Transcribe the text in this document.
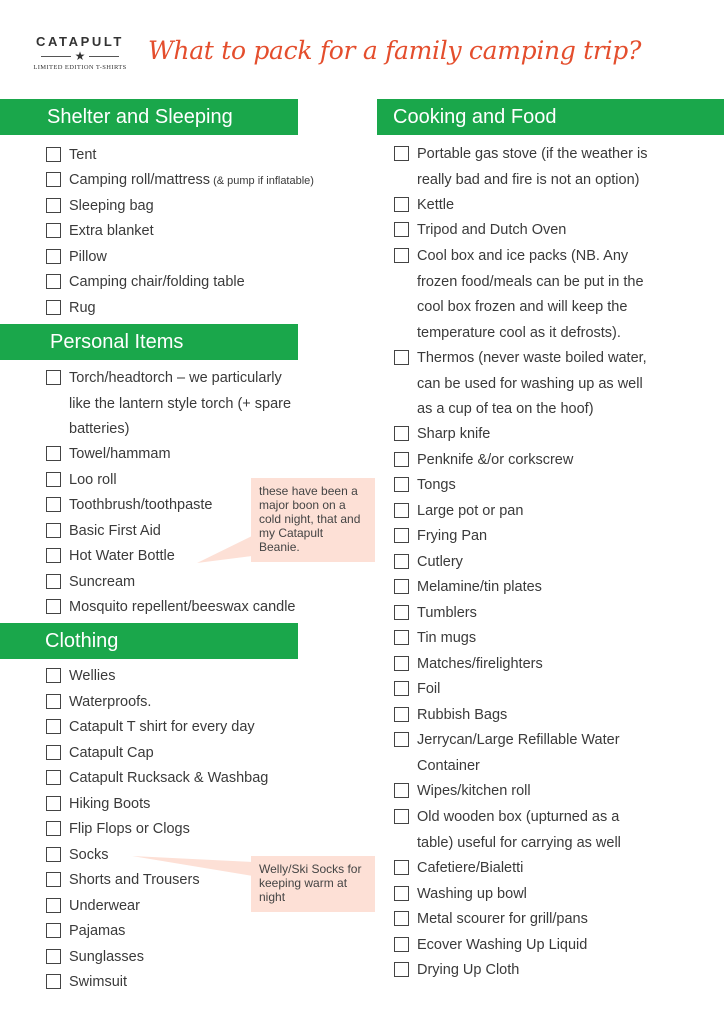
CATAPULT
★
LIMITED EDITION T-SHIRTS
What to pack for a family camping trip?
Shelter and Sleeping
Personal Items
Clothing
Cooking and Food
Tent
Camping roll/mattress (& pump if inflatable)
Sleeping bag
Extra blanket
Pillow
Camping chair/folding table
Rug
Torch/headtorch – we particularly
like the lantern style torch (+ spare
batteries)
Towel/hammam
Loo roll
Toothbrush/toothpaste
Basic First Aid
Hot Water Bottle
Suncream
Mosquito repellent/beeswax candle
these have been a major boon on a cold night, that and my Catapult Beanie.
Wellies
Waterproofs.
Catapult T shirt for every day
Catapult Cap
Catapult Rucksack & Washbag
Hiking Boots
Flip Flops or Clogs
Socks
Shorts and Trousers
Underwear
Pajamas
Sunglasses
Swimsuit
Welly/Ski Socks for keeping warm at night
Portable gas stove (if the weather is
really bad and fire is not an option)
Kettle
Tripod and Dutch Oven
Cool box and ice packs (NB. Any
frozen food/meals can be put in the
cool box frozen and will keep the
temperature cool as it defrosts).
Thermos (never waste boiled water,
can be used for washing up as well
as a cup of tea on the hoof)
Sharp knife
Penknife &/or corkscrew
Tongs
Large pot or pan
Frying Pan
Cutlery
Melamine/tin plates
Tumblers
Tin mugs
Matches/firelighters
Foil
Rubbish Bags
Jerrycan/Large Refillable Water
Container
Wipes/kitchen roll
Old wooden box (upturned as a
table) useful for carrying as well
Cafetiere/Bialetti
Washing up bowl
Metal scourer for grill/pans
Ecover Washing Up Liquid
Drying Up Cloth
